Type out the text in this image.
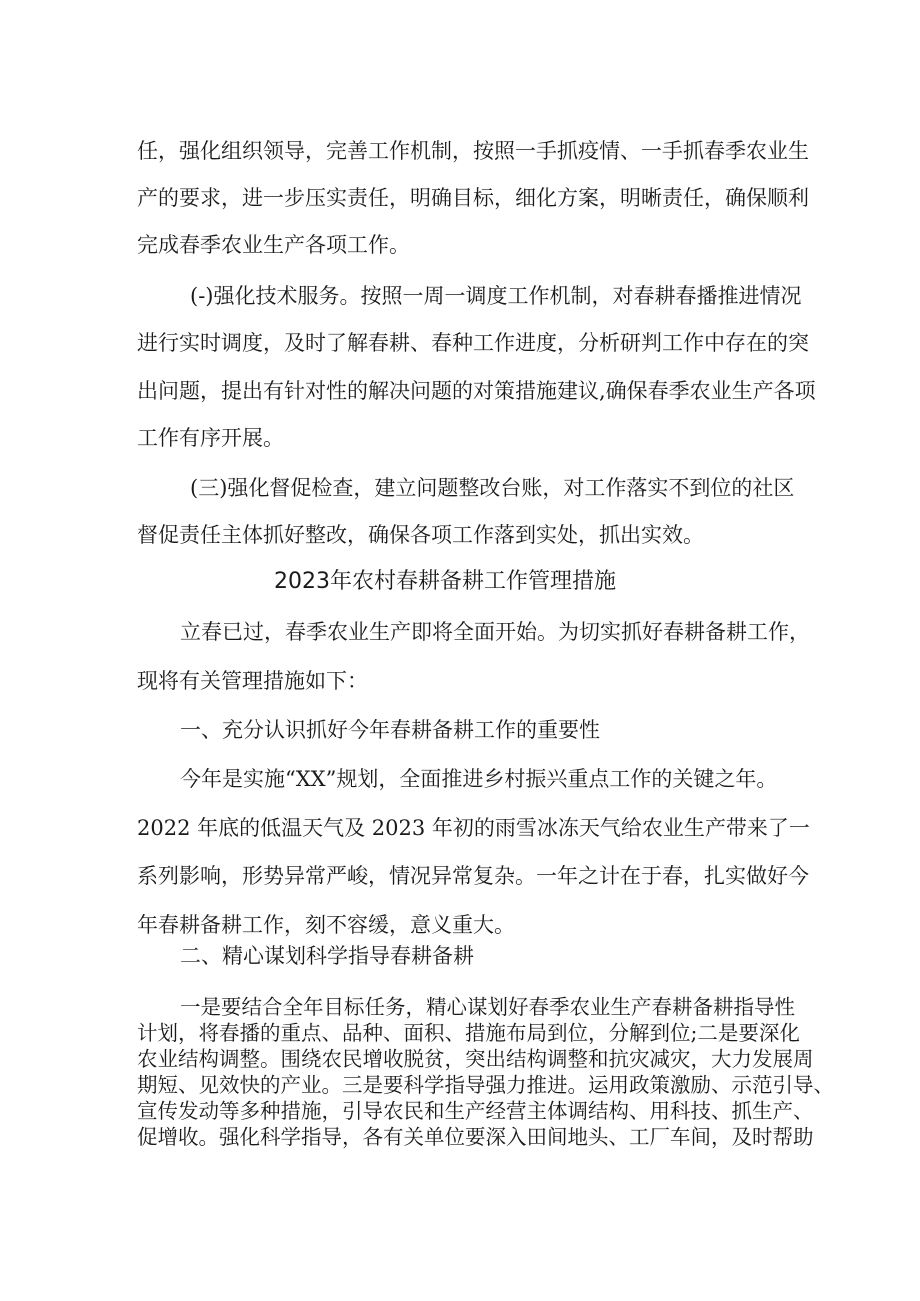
任，强化组织领导，完善工作机制，按照一手抓疫情、一手抓春季农业生
产的要求，进一步压实责任，明确目标，细化方案，明晰责任，确保顺利
完成春季农业生产各项工作。
(-)强化技术服务。按照一周一调度工作机制，对春耕春播推进情况
进行实时调度，及时了解春耕、春种工作进度，分析研判工作中存在的突
出问题，提出有针对性的解决问题的对策措施建议,确保春季农业生产各项
工作有序开展。
(三)强化督促检查，建立问题整改台账，对工作落实不到位的社区
督促责任主体抓好整改，确保各项工作落到实处，抓出实效。
2023年农村春耕备耕工作管理措施
立春已过，春季农业生产即将全面开始。为切实抓好春耕备耕工作，
现将有关管理措施如下：
一、充分认识抓好今年春耕备耕工作的重要性
今年是实施“XX”规划，全面推进乡村振兴重点工作的关键之年。
2022 年底的低温天气及 2023 年初的雨雪冰冻天气给农业生产带来了一
系列影响，形势异常严峻，情况异常复杂。一年之计在于春，扎实做好今
年春耕备耕工作，刻不容缓，意义重大。
二、精心谋划科学指导春耕备耕
一是要结合全年目标任务，精心谋划好春季农业生产春耕备耕指导性
计划，将春播的重点、品种、面积、措施布局到位，分解到位;二是要深化
农业结构调整。围绕农民增收脱贫，突出结构调整和抗灾减灾，大力发展周
期短、见效快的产业。三是要科学指导强力推进。运用政策激励、示范引导、
宣传发动等多种措施，引导农民和生产经营主体调结构、用科技、抓生产、
促增收。强化科学指导，各有关单位要深入田间地头、工厂车间，及时帮助
